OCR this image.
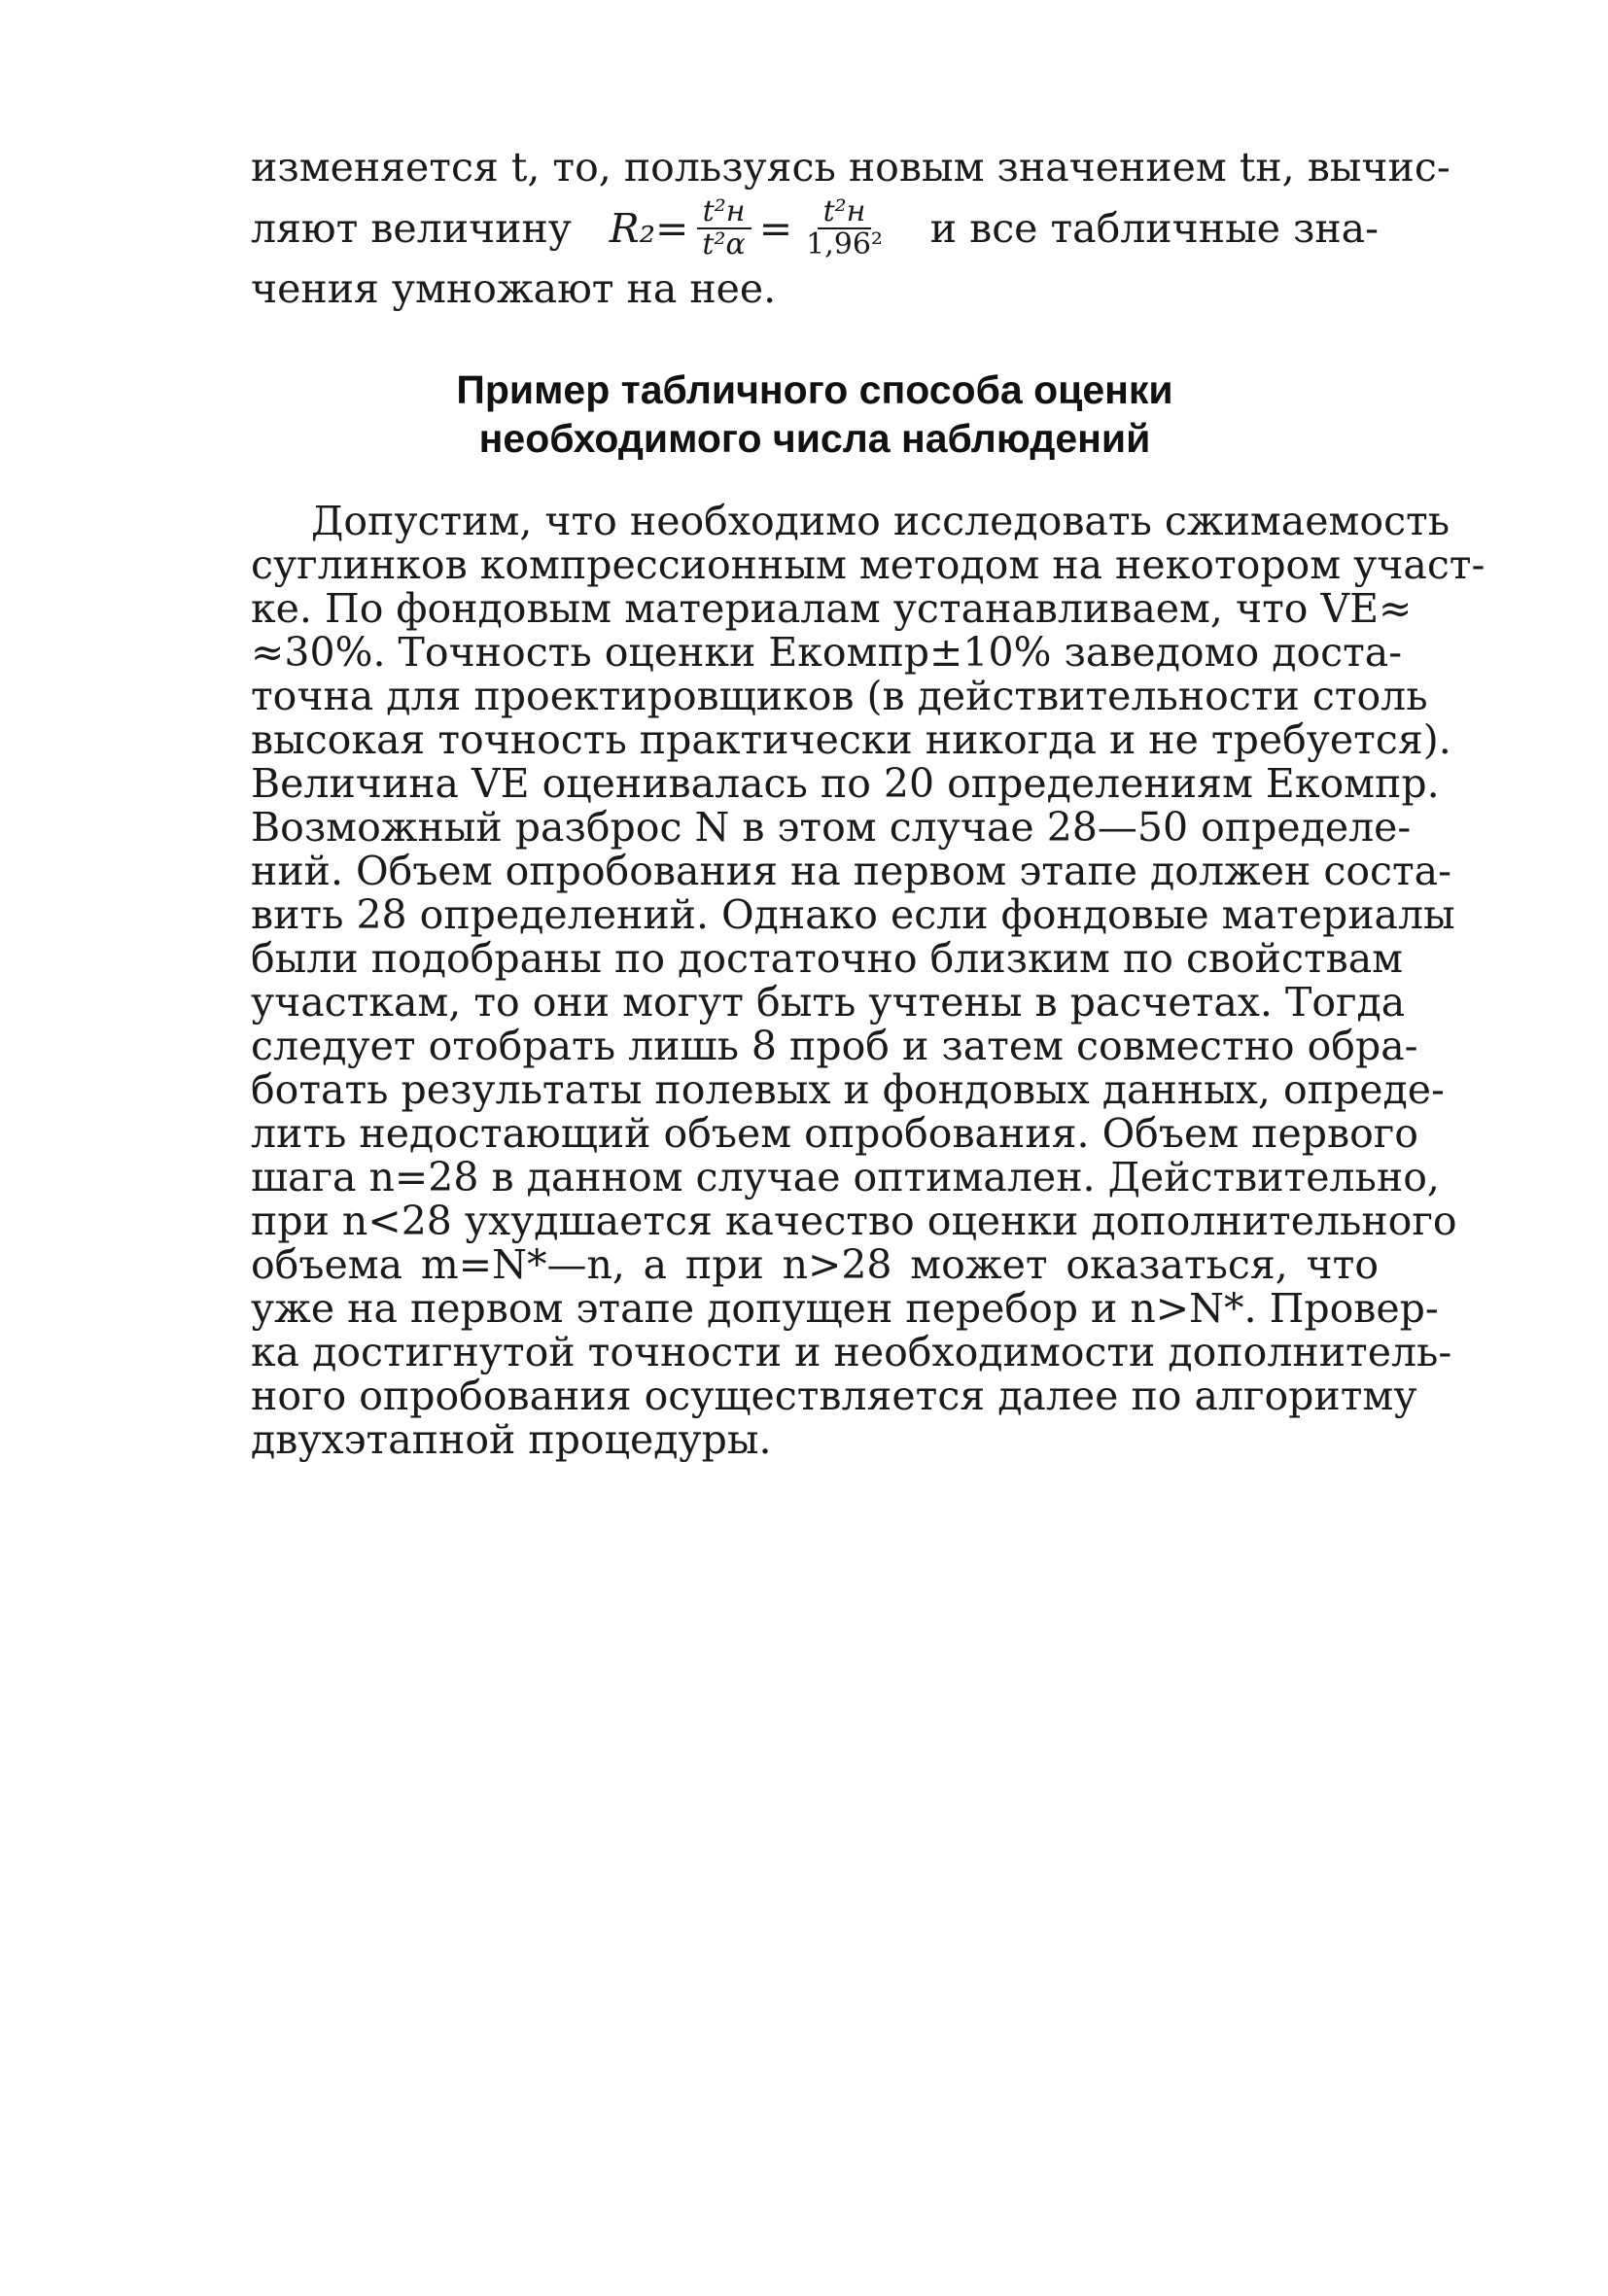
изменяется t, то, пользуясь новым значением tн, вычис-
ляют величину $R_2= \frac{\text{t²н}}{\text{t²α}} = \frac{\text{t²н}}{\text{1,96²}}$ и все табличные зна-
чения умножают на нее.
Пример табличного способа оценки
необходимого числа наблюдений
Допустим, что необходимо исследовать сжимаемость
суглинков компрессионным методом на некотором участ-
ке. По фондовым материалам устанавливаем, что VE≈
≈30%. Точность оценки Eкомпр±10% заведомо доста-
точна для проектировщиков (в действительности столь
высокая точность практически никогда и не требуется).
Величина VE оценивалась по 20 определениям Eкомпр.
Возможный разброс N в этом случае 28—50 определе-
ний. Объем опробования на первом этапе должен соста-
вить 28 определений. Однако если фондовые материалы
были подобраны по достаточно близким по свойствам
участкам, то они могут быть учтены в расчетах. Тогда
следует отобрать лишь 8 проб и затем совместно обра-
ботать результаты полевых и фондовых данных, опреде-
лить недостающий объем опробования. Объем первого
шага n=28 в данном случае оптимален. Действительно,
при n<28 ухудшается качество оценки дополнительного
объема m=N*—n, а при n>28 может оказаться, что
уже на первом этапе допущен перебор и n>N*. Провер-
ка достигнутой точности и необходимости дополнитель-
ного опробования осуществляется далее по алгоритму
двухэтапной процедуры.
